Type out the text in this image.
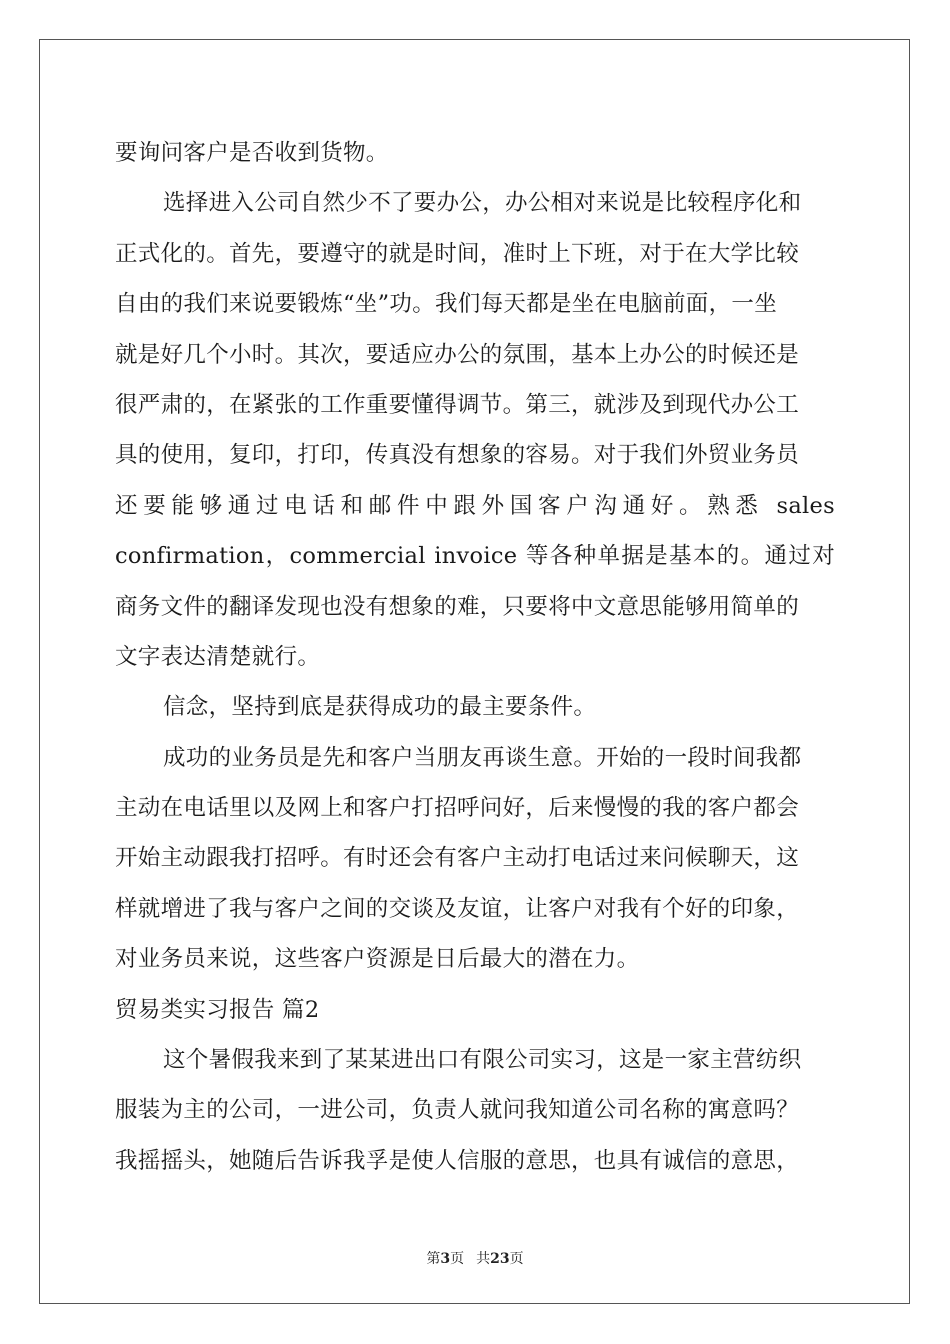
要询问客户是否收到货物。
选择进入公司自然少不了要办公，办公相对来说是比较程序化和
正式化的。首先，要遵守的就是时间，准时上下班，对于在大学比较
自由的我们来说要锻炼“坐”功。我们每天都是坐在电脑前面，一坐
就是好几个小时。其次，要适应办公的氛围，基本上办公的时候还是
很严肃的，在紧张的工作重要懂得调节。第三，就涉及到现代办公工
具的使用，复印，打印，传真没有想象的容易。对于我们外贸业务员
还要能够通过电话和邮件中跟外国客户沟通好。熟悉 sales
confirmation，commercial invoice 等各种单据是基本的。通过对
商务文件的翻译发现也没有想象的难，只要将中文意思能够用简单的
文字表达清楚就行。
信念，坚持到底是获得成功的最主要条件。
成功的业务员是先和客户当朋友再谈生意。开始的一段时间我都
主动在电话里以及网上和客户打招呼问好，后来慢慢的我的客户都会
开始主动跟我打招呼。有时还会有客户主动打电话过来问候聊天，这
样就增进了我与客户之间的交谈及友谊，让客户对我有个好的印象，
对业务员来说，这些客户资源是日后最大的潜在力。
贸易类实习报告 篇2
这个暑假我来到了某某进出口有限公司实习，这是一家主营纺织
服装为主的公司，一进公司，负责人就问我知道公司名称的寓意吗？
我摇摇头，她随后告诉我孚是使人信服的意思，也具有诚信的意思，
第3页 共23页
